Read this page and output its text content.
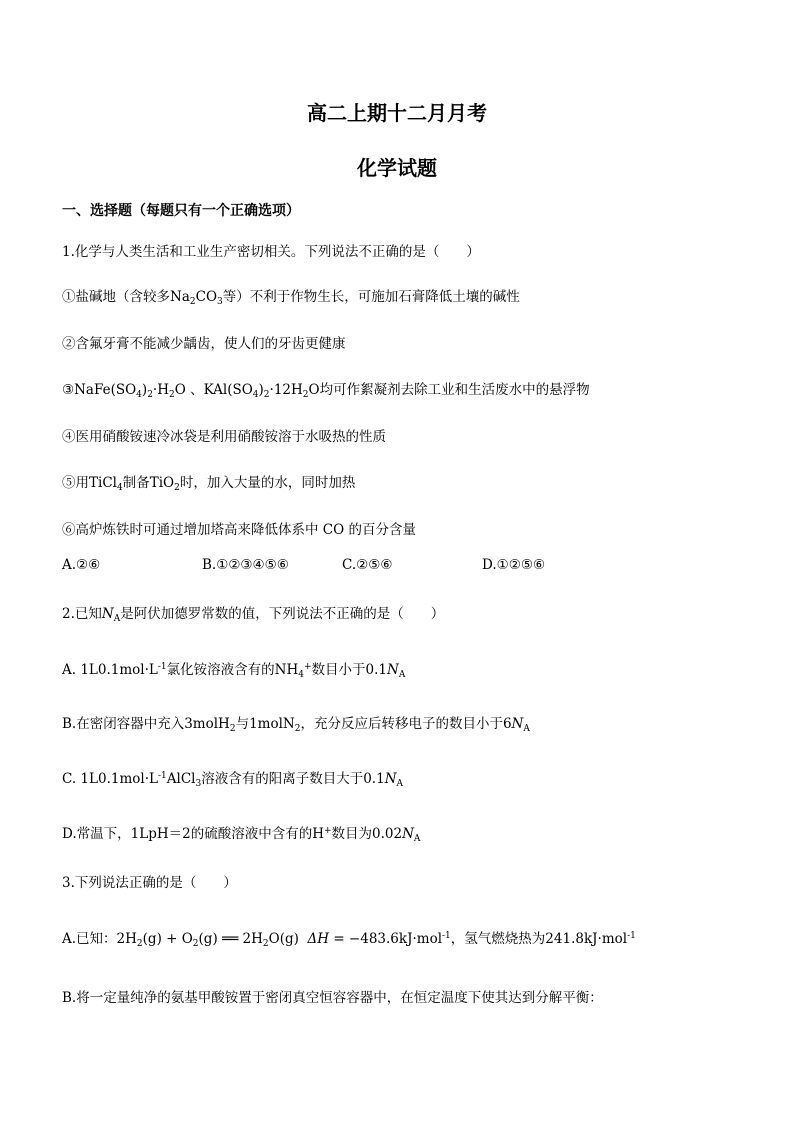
高二上期十二月月考
化学试题
一、选择题（每题只有一个正确选项）
1.化学与人类生活和工业生产密切相关。下列说法不正确的是（　　）
①盐碱地（含较多$Na_2CO_3$等）不利于作物生长，可施加石膏降低土壤的碱性
②含氟牙膏不能减少龋齿，使人们的牙齿更健康
$③NaFe(SO_4)_2\cdot H_2O$ 、$KAl(SO_4)_2\cdot 12H_2O$均可作絮凝剂去除工业和生活废水中的悬浮物
④医用硝酸铵速冷冰袋是利用硝酸铵溶于水吸热的性质
⑤用TiCl$_4$制备TiO$_2$时，加入大量的水，同时加热
⑥高炉炼铁时可通过增加塔高来降低体系中 CO 的百分含量
A.②⑥	B.①②③④⑤⑥	C.②⑤⑥	D.①②⑤⑥
2.已知$N_A$是阿伏加德罗常数的值，下列说法不正确的是（　　）
A. $1L0.1mol\cdot L^{-1}$氯化铵溶液含有的$NH_4^+$数目小于$0.1N_A$
B.在密闭容器中充入3molH$_2$与1molN$_2$，充分反应后转移电子的数目小于$6N_A$
C. $1L0.1mol\cdot L^{-1}AlCl_3$溶液含有的阳离子数目大于$0.1N_A$
D.常温下，1LpH＝2的硫酸溶液中含有的H+数目为$0.02N_A$
3.下列说法正确的是（　　）
A.已知：$2H_2(g) + O_2(g)$ ══ $2H_2O(g) \Delta H = -483.6kJ\cdot mol^{-1}$，氢气燃烧热为241.8kJ·mol$^{-1}$
B.将一定量纯净的氨基甲酸铵置于密闭真空恒容容器中，在恒定温度下使其达到分解平衡：
